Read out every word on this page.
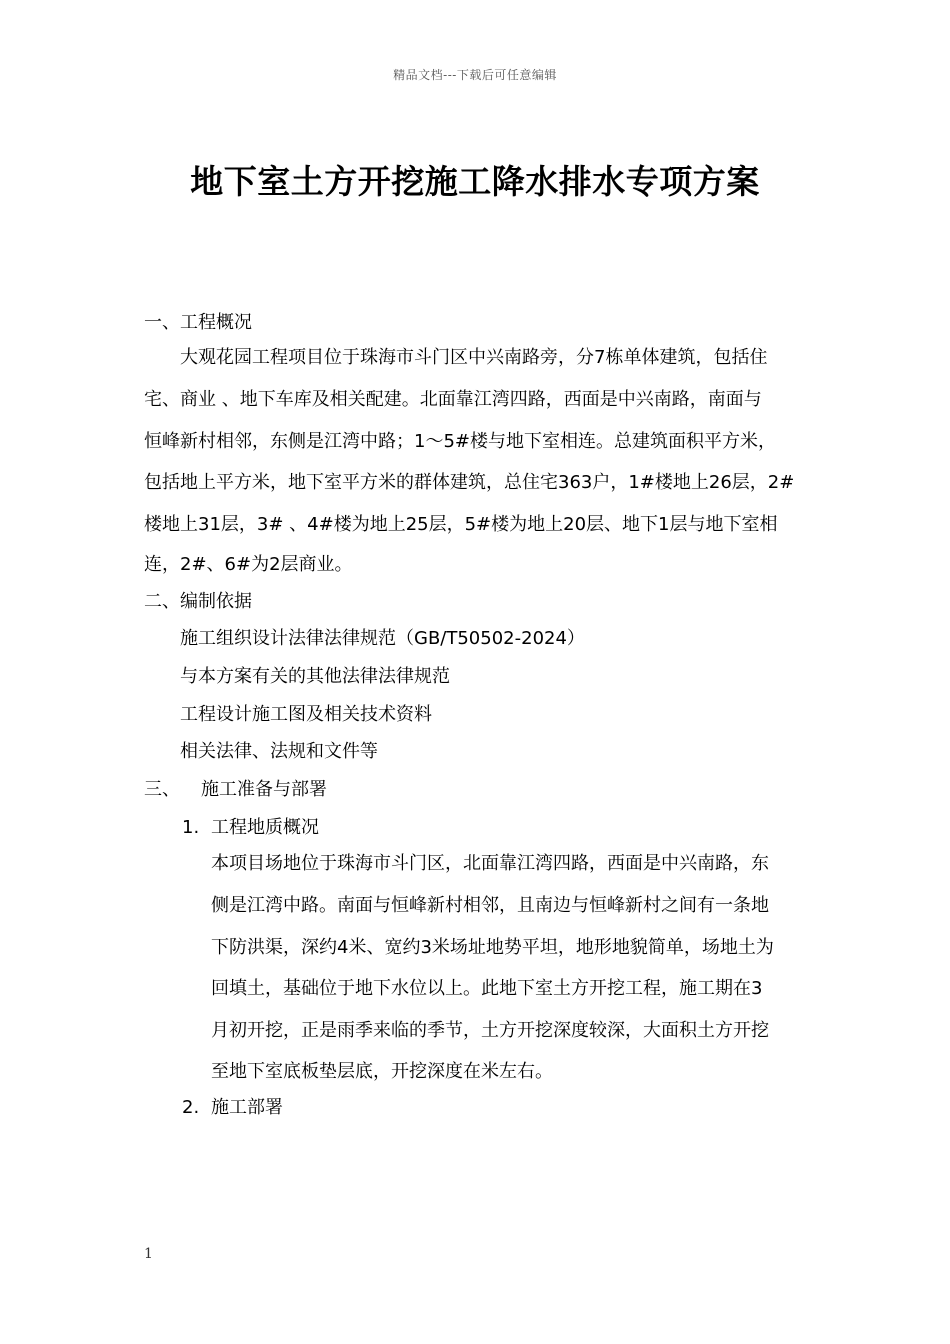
精品文档---下载后可任意编辑
地下室土方开挖施工降水排水专项方案
一、工程概况
大观花园工程项目位于珠海市斗门区中兴南路旁，分7栋单体建筑，包括住
宅、商业 、地下车库及相关配建。北面靠江湾四路，西面是中兴南路，南面与
恒峰新村相邻，东侧是江湾中路；1～5#楼与地下室相连。总建筑面积平方米，
包括地上平方米，地下室平方米的群体建筑，总住宅363户，1#楼地上26层，2#
楼地上31层，3# 、4#楼为地上25层，5#楼为地上20层、地下1层与地下室相
连，2#、6#为2层商业。
二、编制依据
施工组织设计法律法律规范（GB/T50502-2024）
与本方案有关的其他法律法律规范
工程设计施工图及相关技术资料
相关法律、法规和文件等
三、 施工准备与部署
1. 工程地质概况
本项目场地位于珠海市斗门区，北面靠江湾四路，西面是中兴南路，东
侧是江湾中路。南面与恒峰新村相邻，且南边与恒峰新村之间有一条地
下防洪渠，深约4米、宽约3米场址地势平坦，地形地貌简单，场地土为
回填土，基础位于地下水位以上。此地下室土方开挖工程，施工期在3
月初开挖，正是雨季来临的季节，土方开挖深度较深，大面积土方开挖
至地下室底板垫层底，开挖深度在米左右。
2. 施工部署
1
